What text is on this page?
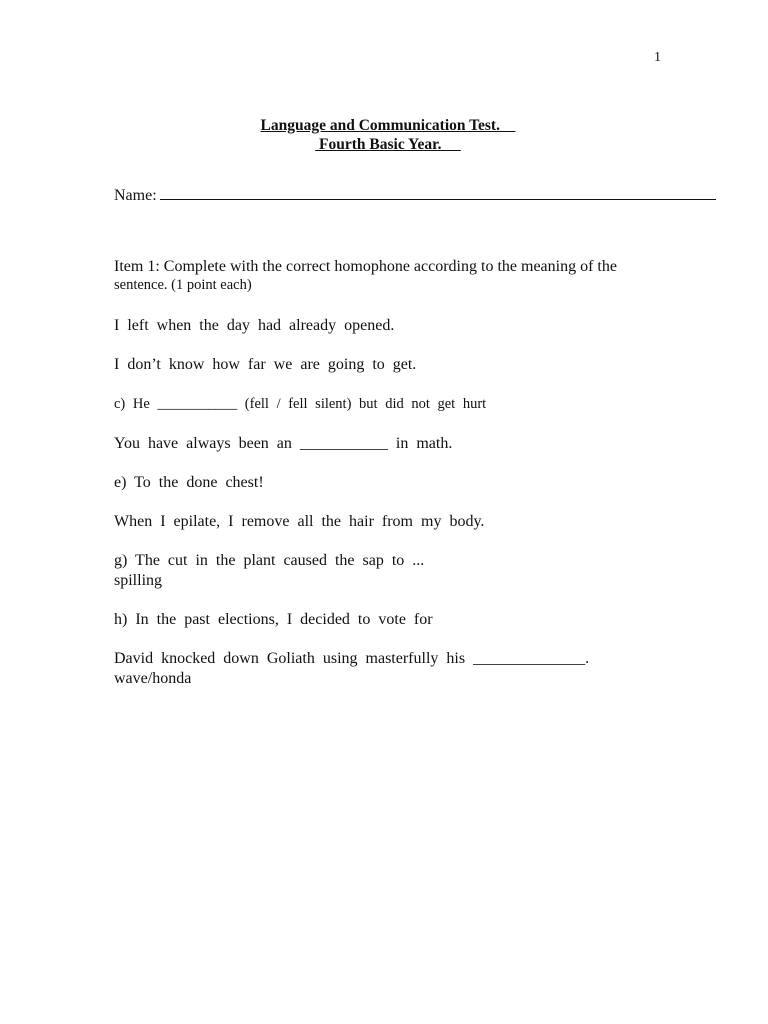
1
Language and Communication Test.
Fourth Basic Year.
Name:
Item 1: Complete with the correct homophone according to the meaning of the
sentence. (1 point each)
I left when the day had already opened.
I don’t know how far we are going to get.
c) He ___________ (fell / fell silent) but did not get hurt
You have always been an ___________ in math.
e) To the done chest!
When I epilate, I remove all the hair from my body.
g) The cut in the plant caused the sap to ...
spilling
h) In the past elections, I decided to vote for
David knocked down Goliath using masterfully his ______________.
wave/honda
